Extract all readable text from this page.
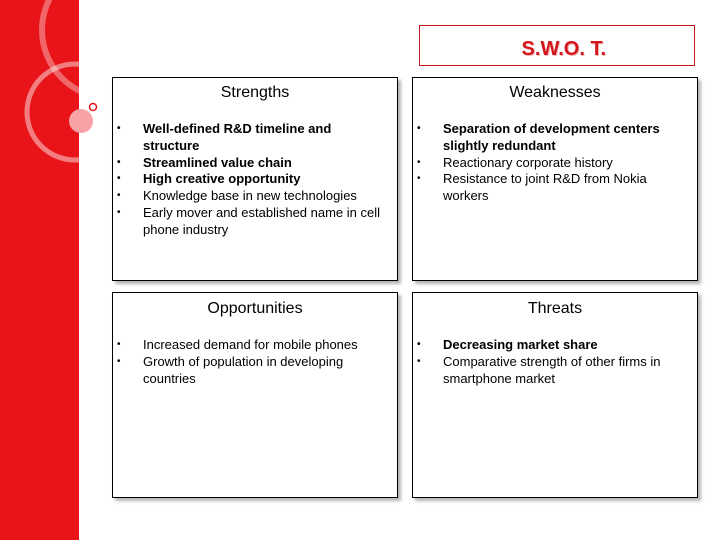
S.W.O. T.
Strengths
• Well-defined R&D timeline and structure
• Streamlined value chain
• High creative opportunity
• Knowledge base in new technologies
• Early mover and established name in cell phone industry
Weaknesses
• Separation of development centers slightly redundant
• Reactionary corporate history
• Resistance to joint R&D from Nokia workers
Opportunities
• Increased demand for mobile phones
• Growth of population in developing countries
Threats
• Decreasing market share
• Comparative strength of other firms in smartphone market
